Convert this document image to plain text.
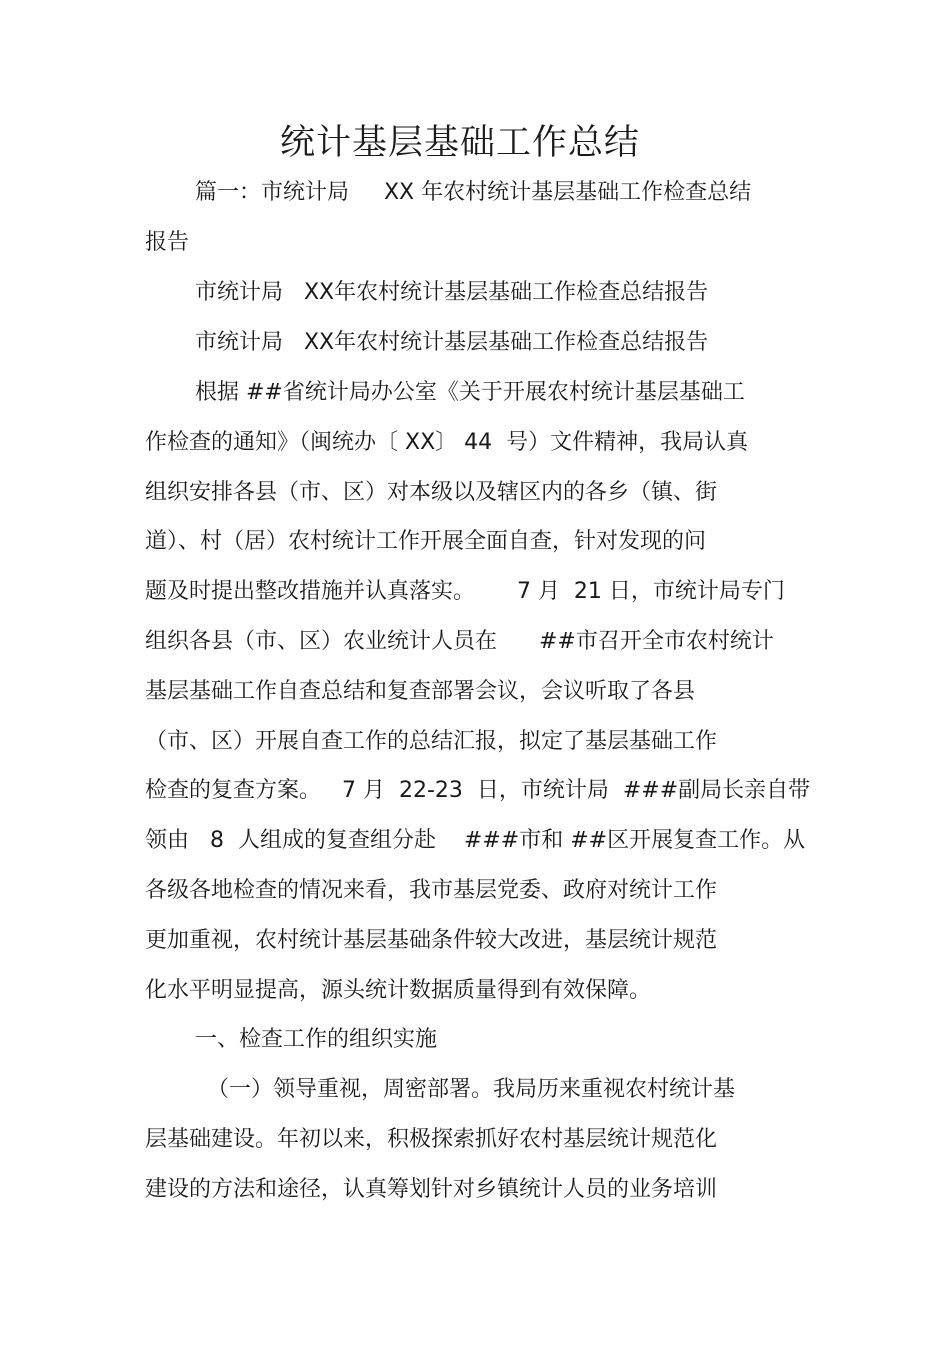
统计基层基础工作总结

篇一：市统计局     XX 年农村统计基层基础工作检查总结

报告

市统计局   XX年农村统计基层基础工作检查总结报告

市统计局   XX年农村统计基层基础工作检查总结报告

根据 ##省统计局办公室《关于开展农村统计基层基础工

作检查的通知》（闽统办〔 XX〕 44  号）文件精神，我局认真

组织安排各县（市、区）对本级以及辖区内的各乡（镇、街

道）、村（居）农村统计工作开展全面自查，针对发现的问

题及时提出整改措施并认真落实。      7 月  21 日，市统计局专门

组织各县（市、区）农业统计人员在      ##市召开全市农村统计

基层基础工作自查总结和复查部署会议，会议听取了各县

（市、区）开展自查工作的总结汇报，拟定了基层基础工作

检查的复查方案。   7 月  22-23  日，市统计局  ###副局长亲自带

领由   8  人组成的复查组分赴    ###市和 ##区开展复查工作。从

各级各地检查的情况来看，我市基层党委、政府对统计工作

更加重视，农村统计基层基础条件较大改进，基层统计规范

化水平明显提高，源头统计数据质量得到有效保障。

一、检查工作的组织实施

（一）领导重视，周密部署。我局历来重视农村统计基

层基础建设。年初以来，积极探索抓好农村基层统计规范化

建设的方法和途径，认真筹划针对乡镇统计人员的业务培训
